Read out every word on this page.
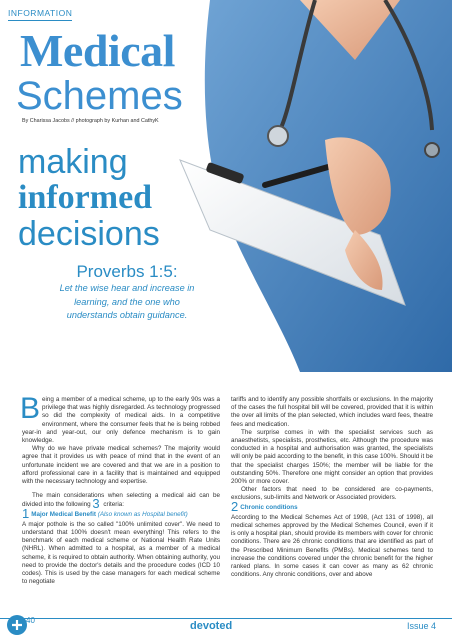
INFORMATION
Medical
Schemes
By Charissa Jacobs // photograph by Kurhan and CathyK
making
informed
decisions
Proverbs 1:5:
Let the wise hear and increase in learning, and the one who understands obtain guidance.

Being a member of a medical scheme, up to the early 90s was a privilege that was highly disregarded. As technology progressed so did the complexity of medical aids. In a competitive environment, where the consumer feels that he is being robbed year-in and year-out, our only defence mechanism is to gain knowledge.

Why do we have private medical schemes? The majority would agree that it provides us with peace of mind that in the event of an unfortunate incident we are covered and that we are in a position to afford professional care in a facility that is maintained and equipped with the necessary technology and expertise.

The main considerations when selecting a medical aid can be divided into the following 3 criteria:

1 Major Medical Benefit (Also known as Hospital benefit)

A major pothole is the so called "100% unlimited cover". We need to understand that 100% doesn't mean everything! This refers to the benchmark of each medical scheme or National Health Rate Units (NHRL). When admitted to a hospital, as a member of a medical scheme, it is required to obtain authority. When obtaining authority, you need to provide the doctor's details and the procedure codes (ICD 10 codes). This is used by the case managers for each medical scheme to negotiate

tariffs and to identify any possible shortfalls or exclusions. In the majority of the cases the full hospital bill will be covered, provided that it is within the over all limits of the plan selected, which includes ward fees, theatre fees and medication.

The surprise comes in with the specialist services such as anaesthetists, specialists, prosthetics, etc. Although the procedure was conducted in a hospital and authorisation was granted, the specialists will only be paid according to the benefit, in this case 100%. Should it be that the specialist charges 150%; the member will be liable for the outstanding 50%. Therefore one might consider an option that provides 200% or more cover.

Other factors that need to be considered are co-payments, exclusions, sub-limits and Network or Associated providers.

2 Chronic conditions

According to the Medical Schemes Act of 1998, (Act 131 of 1998), all medical schemes approved by the Medical Schemes Council, even if it is only a hospital plan, should provide its members with cover for chronic conditions. There are 26 chronic conditions that are identified as part of the Prescribed Minimum Benefits (PMBs). Medical schemes tend to increase the conditions covered under the chronic benefit for the higher ranked plans. In some cases it can cover as many as 62 chronic conditions. Any chronic conditions, over and above

40	devoted	Issue 4
